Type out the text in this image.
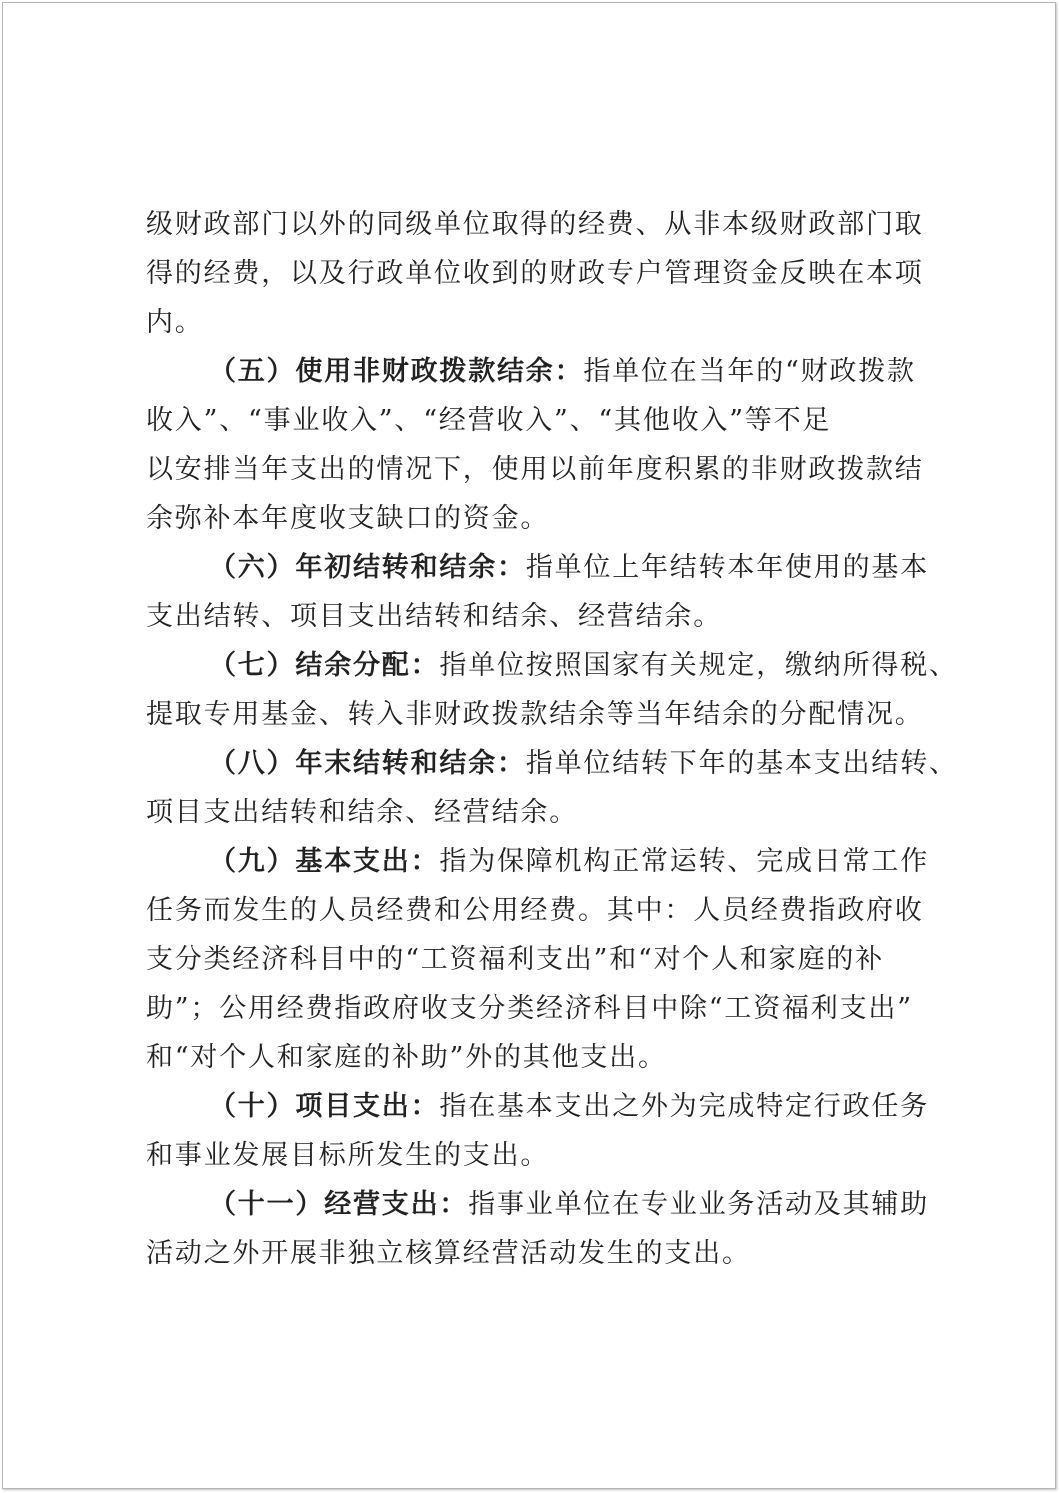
级财政部门以外的同级单位取得的经费、从非本级财政部门取
得的经费，以及行政单位收到的财政专户管理资金反映在本项
内。
（五）使用非财政拨款结余：指单位在当年的“财政拨款
收入”、“事业收入”、“经营收入”、“其他收入”等不足
以安排当年支出的情况下，使用以前年度积累的非财政拨款结
余弥补本年度收支缺口的资金。
（六）年初结转和结余：指单位上年结转本年使用的基本
支出结转、项目支出结转和结余、经营结余。
（七）结余分配：指单位按照国家有关规定，缴纳所得税、
提取专用基金、转入非财政拨款结余等当年结余的分配情况。
（八）年末结转和结余：指单位结转下年的基本支出结转、
项目支出结转和结余、经营结余。
（九）基本支出：指为保障机构正常运转、完成日常工作
任务而发生的人员经费和公用经费。其中：人员经费指政府收
支分类经济科目中的“工资福利支出”和“对个人和家庭的补
助”；公用经费指政府收支分类经济科目中除“工资福利支出”
和“对个人和家庭的补助”外的其他支出。
（十）项目支出：指在基本支出之外为完成特定行政任务
和事业发展目标所发生的支出。
（十一）经营支出：指事业单位在专业业务活动及其辅助
活动之外开展非独立核算经营活动发生的支出。
